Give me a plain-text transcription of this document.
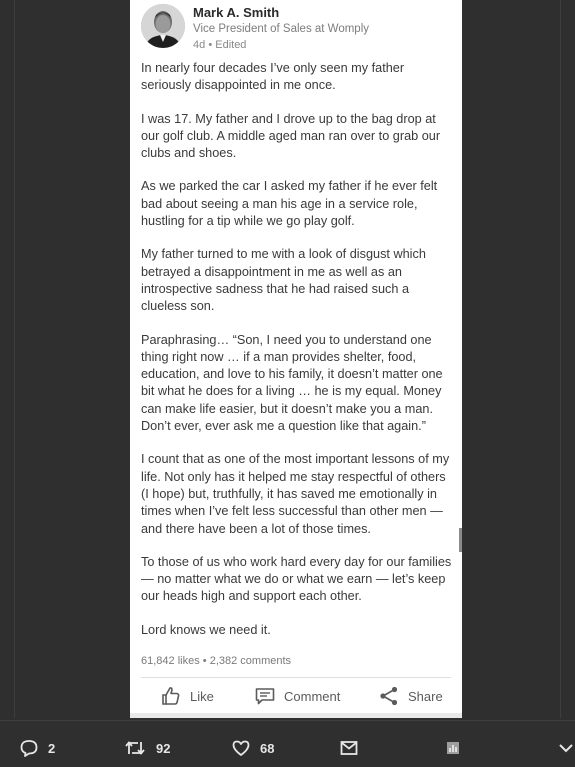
Mark A. Smith
Vice President of Sales at Womply
4d • Edited

In nearly four decades I’ve only seen my father seriously disappointed in me once.

I was 17. My father and I drove up to the bag drop at our golf club. A middle aged man ran over to grab our clubs and shoes.

As we parked the car I asked my father if he ever felt bad about seeing a man his age in a service role, hustling for a tip while we go play golf.

My father turned to me with a look of disgust which betrayed a disappointment in me as well as an introspective sadness that he had raised such a clueless son.

Paraphrasing… “Son, I need you to understand one thing right now … if a man provides shelter, food, education, and love to his family, it doesn’t matter one bit what he does for a living … he is my equal. Money can make life easier, but it doesn’t make you a man. Don’t ever, ever ask me a question like that again.”

I count that as one of the most important lessons of my life. Not only has it helped me stay respectful of others (I hope) but, truthfully, it has saved me emotionally in times when I’ve felt less successful than other men — and there have been a lot of those times.

To those of us who work hard every day for our families — no matter what we do or what we earn — let’s keep our heads high and support each other.

Lord knows we need it.

61,842 likes • 2,382 comments
Like	Comment	Share
2	92	68
